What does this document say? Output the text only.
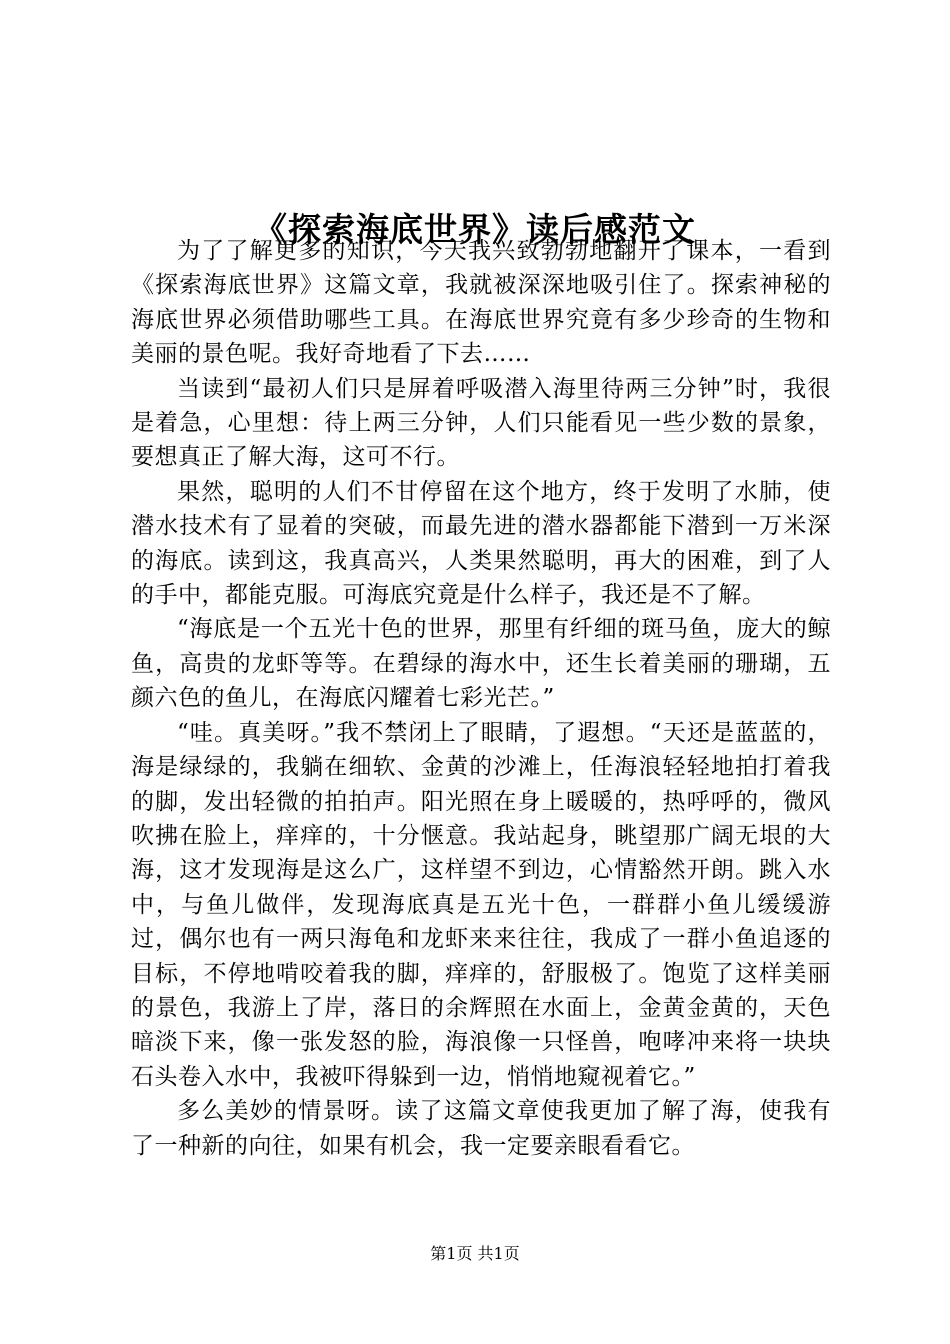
《探索海底世界》读后感范文

为了了解更多的知识，今天我兴致勃勃地翻开了课本，一看到《探索海底世界》这篇文章，我就被深深地吸引住了。探索神秘的海底世界必须借助哪些工具。在海底世界究竟有多少珍奇的生物和美丽的景色呢。我好奇地看了下去……

当读到“最初人们只是屏着呼吸潜入海里待两三分钟”时，我很是着急，心里想：待上两三分钟，人们只能看见一些少数的景象，要想真正了解大海，这可不行。

果然，聪明的人们不甘停留在这个地方，终于发明了水肺，使潜水技术有了显着的突破，而最先进的潜水器都能下潜到一万米深的海底。读到这，我真高兴，人类果然聪明，再大的困难，到了人的手中，都能克服。可海底究竟是什么样子，我还是不了解。

“海底是一个五光十色的世界，那里有纤细的斑马鱼，庞大的鲸鱼，高贵的龙虾等等。在碧绿的海水中，还生长着美丽的珊瑚，五颜六色的鱼儿，在海底闪耀着七彩光芒。”

“哇。真美呀。”我不禁闭上了眼睛，了遐想。“天还是蓝蓝的，海是绿绿的，我躺在细软、金黄的沙滩上，任海浪轻轻地拍打着我的脚，发出轻微的拍拍声。阳光照在身上暖暖的，热呼呼的，微风吹拂在脸上，痒痒的，十分惬意。我站起身，眺望那广阔无垠的大海，这才发现海是这么广，这样望不到边，心情豁然开朗。跳入水中，与鱼儿做伴，发现海底真是五光十色，一群群小鱼儿缓缓游过，偶尔也有一两只海龟和龙虾来来往往，我成了一群小鱼追逐的目标，不停地啃咬着我的脚，痒痒的，舒服极了。饱览了这样美丽的景色，我游上了岸，落日的余辉照在水面上，金黄金黄的，天色暗淡下来，像一张发怒的脸，海浪像一只怪兽，咆哮冲来将一块块石头卷入水中，我被吓得躲到一边，悄悄地窥视着它。”

多么美妙的情景呀。读了这篇文章使我更加了解了海，使我有了一种新的向往，如果有机会，我一定要亲眼看看它。

第1页 共1页
